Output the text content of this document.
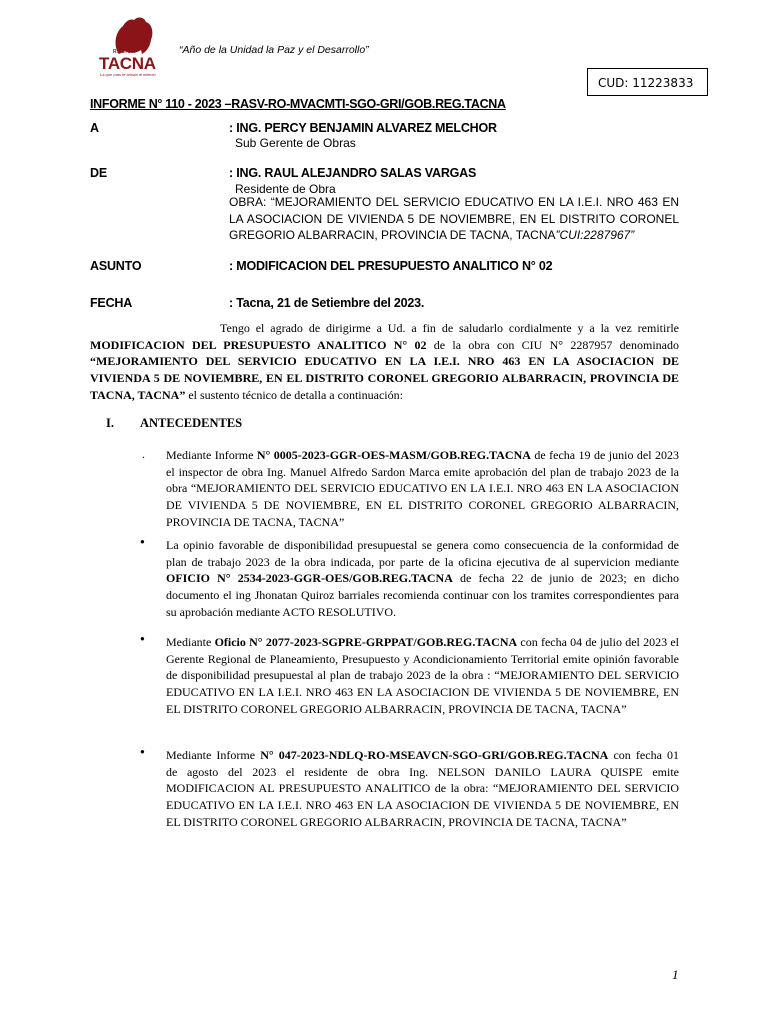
REGIÓN
TACNA
La que más te brinda al milenio
“Año de la Unidad la Paz y el Desarrollo”
CUD: 11223833
INFORME N° 110 - 2023 –RASV-RO-MVACMTI-SGO-GRI/GOB.REG.TACNA
A	: ING. PERCY BENJAMIN ALVAREZ MELCHOR
Sub Gerente de Obras
DE	: ING. RAUL ALEJANDRO SALAS VARGAS
Residente de Obra
OBRA: “MEJORAMIENTO DEL SERVICIO EDUCATIVO EN LA I.E.I. NRO 463 EN LA ASOCIACION DE VIVIENDA 5 DE NOVIEMBRE, EN EL DISTRITO CORONEL GREGORIO ALBARRACIN, PROVINCIA DE TACNA, TACNA”CUI:2287967”
ASUNTO	: MODIFICACION DEL PRESUPUESTO ANALITICO N° 02
FECHA	: Tacna, 21 de Setiembre del 2023.
Tengo el agrado de dirigirme a Ud. a fin de saludarlo cordialmente y a la vez remitirle MODIFICACION DEL PRESUPUESTO ANALITICO N° 02 de la obra con CIU N° 2287957 denominado “MEJORAMIENTO DEL SERVICIO EDUCATIVO EN LA I.E.I. NRO 463 EN LA ASOCIACION DE VIVIENDA 5 DE NOVIEMBRE, EN EL DISTRITO CORONEL GREGORIO ALBARRACIN, PROVINCIA DE TACNA, TACNA” el sustento técnico de detalla a continuación:
I. ANTECEDENTES
. Mediante Informe N° 0005-2023-GGR-OES-MASM/GOB.REG.TACNA de fecha 19 de junio del 2023 el inspector de obra Ing. Manuel Alfredo Sardon Marca emite aprobación del plan de trabajo 2023 de la obra “MEJORAMIENTO DEL SERVICIO EDUCATIVO EN LA I.E.I. NRO 463 EN LA ASOCIACION DE VIVIENDA 5 DE NOVIEMBRE, EN EL DISTRITO CORONEL GREGORIO ALBARRACIN, PROVINCIA DE TACNA, TACNA”
● La opinio favorable de disponibilidad presupuestal se genera como consecuencia de la conformidad de plan de trabajo 2023 de la obra indicada, por parte de la oficina ejecutiva de al supervicion mediante OFICIO N° 2534-2023-GGR-OES/GOB.REG.TACNA de fecha 22 de junio de 2023; en dicho documento el ing Jhonatan Quiroz barriales recomienda continuar con los tramites correspondientes para su aprobación mediante ACTO RESOLUTIVO.
● Mediante Oficio N° 2077-2023-SGPRE-GRPPAT/GOB.REG.TACNA con fecha 04 de julio del 2023 el Gerente Regional de Planeamiento, Presupuesto y Acondicionamiento Territorial emite opinión favorable de disponibilidad presupuestal al plan de trabajo 2023 de la obra : “MEJORAMIENTO DEL SERVICIO EDUCATIVO EN LA I.E.I. NRO 463 EN LA ASOCIACION DE VIVIENDA 5 DE NOVIEMBRE, EN EL DISTRITO CORONEL GREGORIO ALBARRACIN, PROVINCIA DE TACNA, TACNA”
● Mediante Informe N° 047-2023-NDLQ-RO-MSEAVCN-SGO-GRI/GOB.REG.TACNA con fecha 01 de agosto del 2023 el residente de obra Ing. NELSON DANILO LAURA QUISPE emite MODIFICACION AL PRESUPUESTO ANALITICO de la obra: “MEJORAMIENTO DEL SERVICIO EDUCATIVO EN LA I.E.I. NRO 463 EN LA ASOCIACION DE VIVIENDA 5 DE NOVIEMBRE, EN EL DISTRITO CORONEL GREGORIO ALBARRACIN, PROVINCIA DE TACNA, TACNA”
1
